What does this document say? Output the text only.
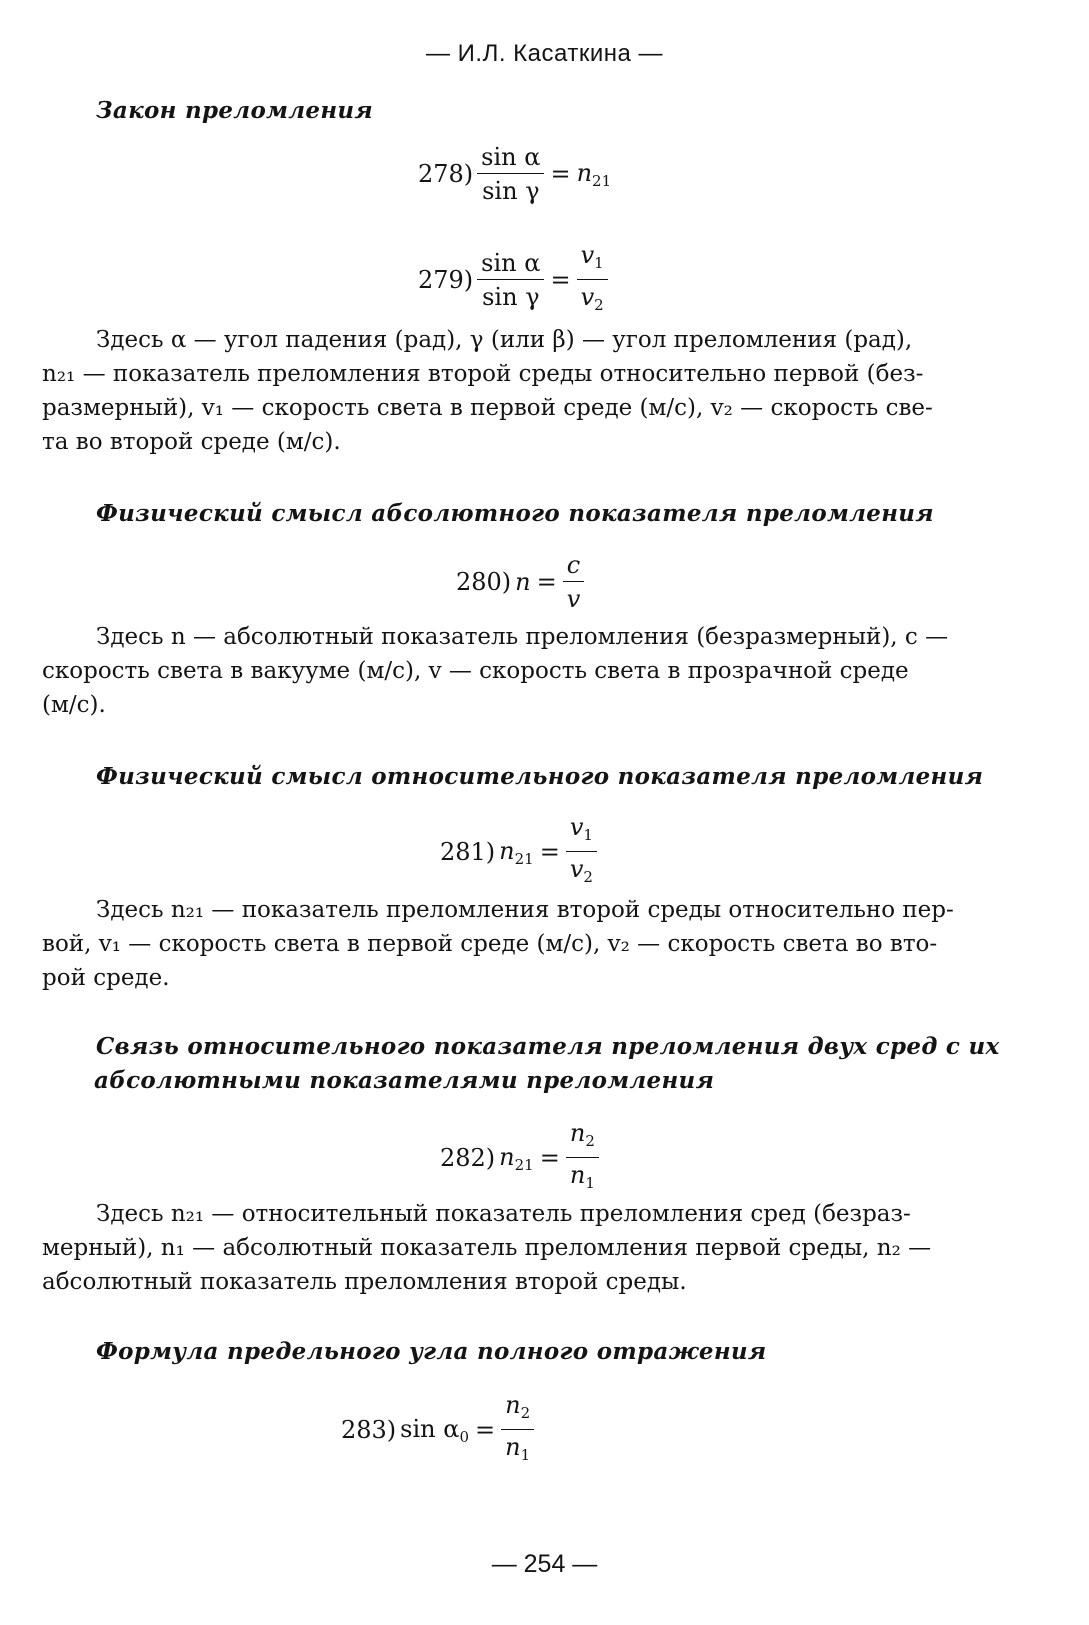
— И.Л. Касаткина —
Закон преломления
$278) \frac{\text{sin α}}{\text{sin γ}} = n_{21}$
$279) \frac{\text{sin α}}{\text{sin γ}} = \frac{v_1}{v_2}$
Здесь α — угол падения (рад), γ (или β) — угол преломления (рад),
n₂₁ — показатель преломления второй среды относительно первой (без-
размерный), v₁ — скорость света в первой среде (м/с), v₂ — скорость све-
та во второй среде (м/с).
Физический смысл абсолютного показателя преломления
280) $n = \frac{c}{v}$
Здесь n — абсолютный показатель преломления (безразмерный), c —
скорость света в вакууме (м/с), v — скорость света в прозрачной среде
(м/с).
Физический смысл относительного показателя преломления
281) $n_{21} = \frac{v_1}{v_2}$
Здесь n₂₁ — показатель преломления второй среды относительно пер-
вой, v₁ — скорость света в первой среде (м/с), v₂ — скорость света во вто-
рой среде.
Связь относительного показателя преломления двух сред с их
абсолютными показателями преломления
282) $n_{21} = \frac{n_2}{n_1}$
Здесь n₂₁ — относительный показатель преломления сред (безраз-
мерный), n₁ — абсолютный показатель преломления первой среды, n₂ —
абсолютный показатель преломления второй среды.
Формула предельного угла полного отражения
283) $\sin \alpha_0 = \frac{n_2}{n_1}$
— 254 —
